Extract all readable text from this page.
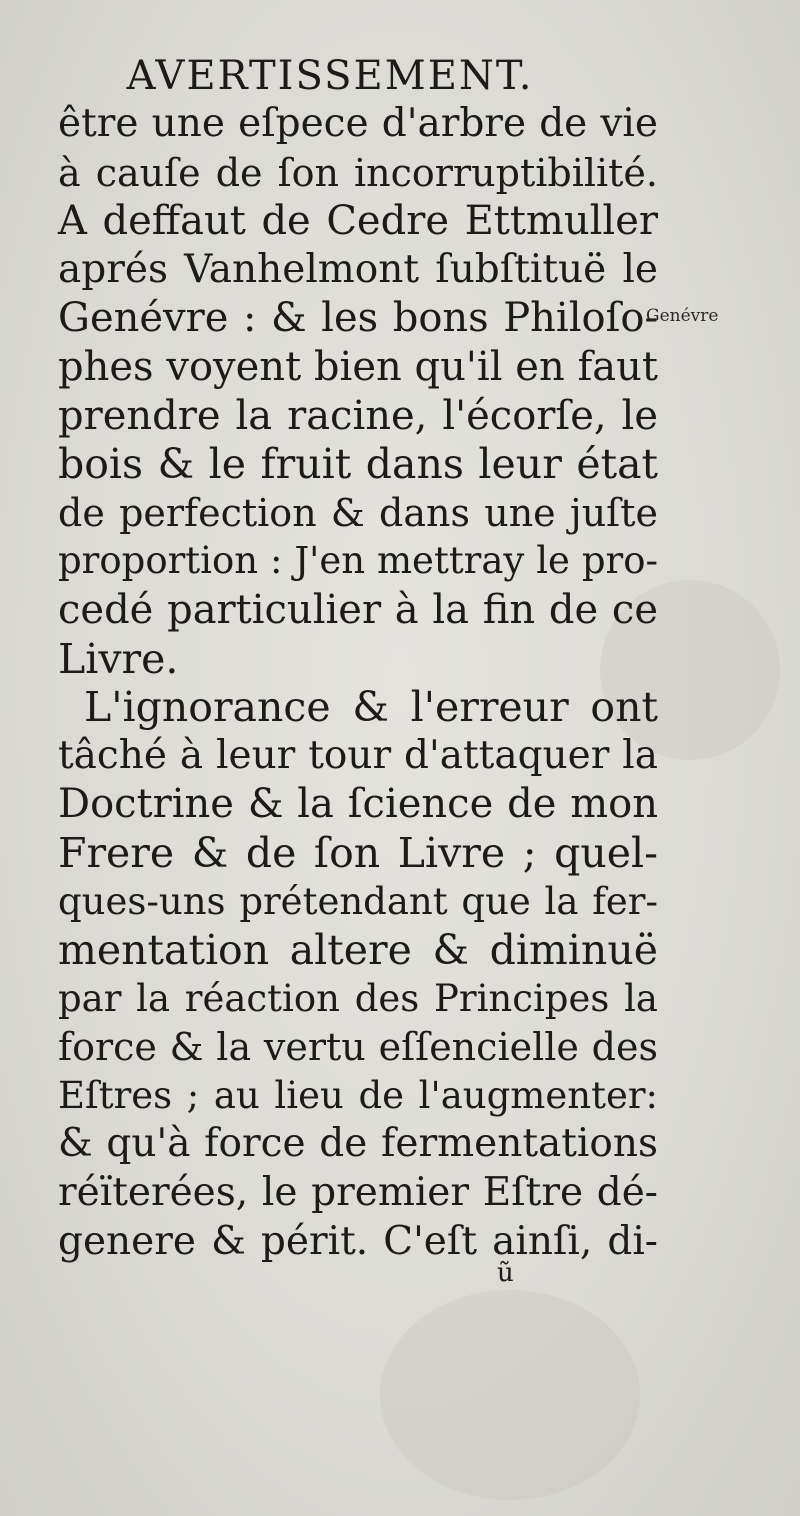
AVERTISSEMENT.
être une eſpece d'arbre de vie
à cauſe de ſon incorruptibilité.
A deffaut de Cedre Ettmuller
aprés Vanhelmont ſubſtituë le
Genévre : & les bons Philoſo-
phes voyent bien qu'il en faut
prendre la racine, l'écorſe, le
bois & le fruit dans leur état
de perfection & dans une juſte
proportion : J'en mettray le pro-
cedé particulier à la fin de ce
Livre.
L'ignorance & l'erreur ont
tâché à leur tour d'attaquer la
Doctrine & la ſcience de mon
Frere & de ſon Livre ; quel-
ques-uns prétendant que la fer-
mentation altere & diminuë
par la réaction des Principes la
force & la vertu eſſencielle des
Eſtres ; au lieu de l'augmenter:
& qu'à force de fermentations
réïterées, le premier Eſtre dé-
genere & périt. C'eſt ainſi, di-
Genévre
ũ
